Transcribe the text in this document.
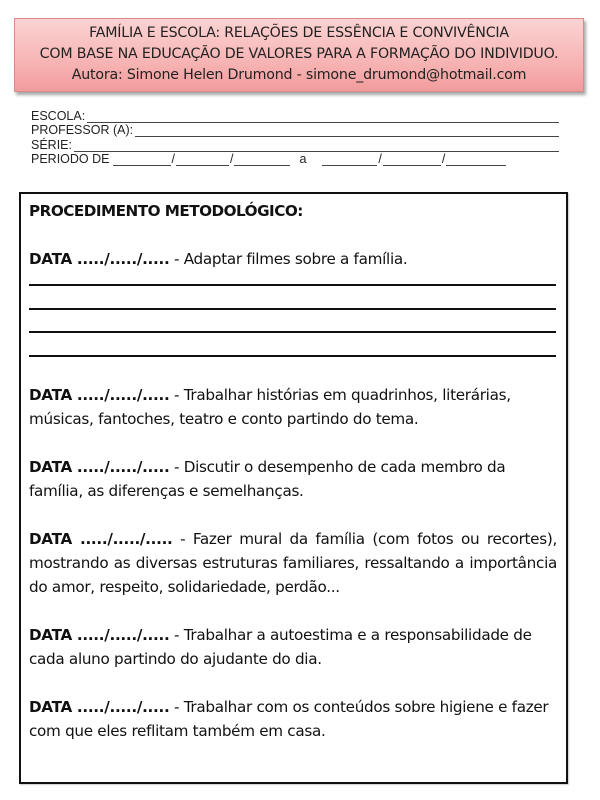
FAMÍLIA E ESCOLA: RELAÇÕES DE ESSÊNCIA E CONVIVÊNCIA
COM BASE NA EDUCAÇÃO DE VALORES PARA A FORMAÇÃO DO INDIVIDUO.
Autora: Simone Helen Drumond - simone_drumond@hotmail.com
ESCOLA:
PROFESSOR (A):
SÉRIE:
PERIODO DE	/	/	a	/	/
PROCEDIMENTO METODOLÓGICO:
DATA ...../...../..... - Adaptar filmes sobre a família.
DATA ...../...../..... - Trabalhar histórias em quadrinhos, literárias, músicas, fantoches, teatro e conto partindo do tema.
DATA ...../...../..... - Discutir o desempenho de cada membro da família, as diferenças e semelhanças.
DATA ...../...../..... - Fazer mural da família (com fotos ou recortes), mostrando as diversas estruturas familiares, ressaltando a importância do amor, respeito, solidariedade, perdão...
DATA ...../...../..... - Trabalhar a autoestima e a responsabilidade de cada aluno partindo do ajudante do dia.
DATA ...../...../..... - Trabalhar com os conteúdos sobre higiene e fazer com que eles reflitam também em casa.
